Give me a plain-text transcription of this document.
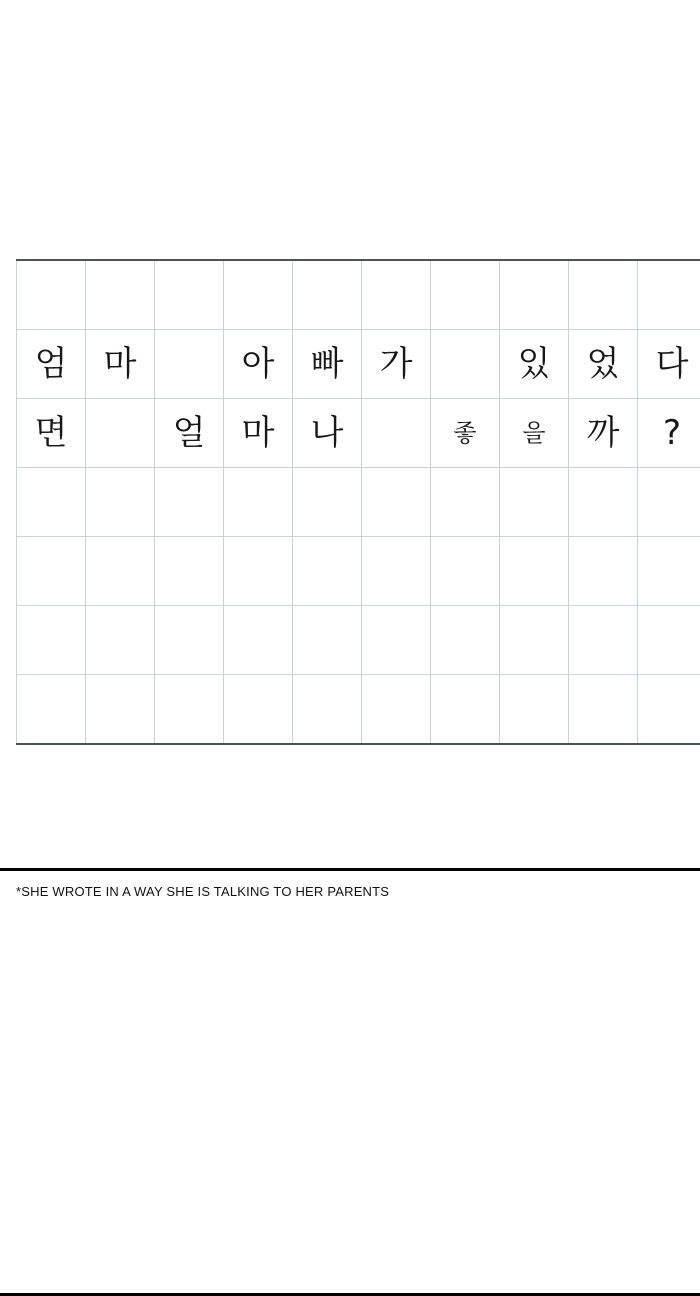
엄	마		아	빠	가		있	었	다
면		얼	마	나		좋	을	까	?

*SHE WROTE IN A WAY SHE IS TALKING TO HER PARENTS
